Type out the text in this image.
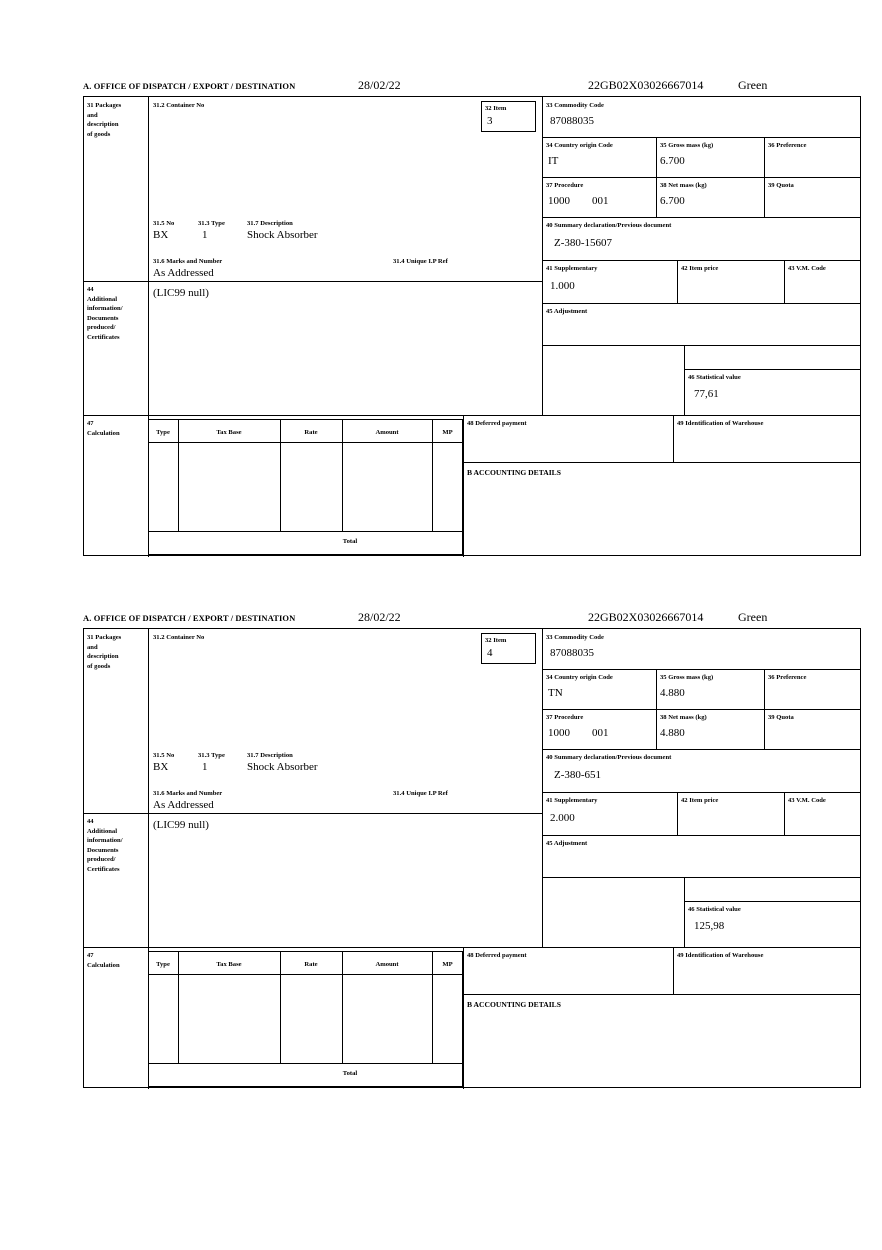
A. OFFICE OF DISPATCH / EXPORT / DESTINATION	28/02/22	22GB02X03026667014	Green
31 Packages
and
description
of goods
31.2 Container No	32 Item
3
31.5 No
BX
31.3 Type
1
31.7 Description
Shock Absorber
31.6 Marks and Number
As Addressed
31.4 Unique I.P Ref
33 Commodity Code
87088035
34 Country origin Code
IT
35 Gross mass (kg)
6.700
36 Preference
37 Procedure
1000        001
38 Net mass (kg)
6.700
39 Quota
40 Summary declaration/Previous document
Z-380-15607
41 Supplementary
1.000
42 Item price	43 V.M. Code
45 Adjustment
46 Statistical value
77,61
44
Additional
information/
Documents
produced/
Certificates
(LIC99 null)
47
Calculation	Type	Tax Base	Rate	Amount	MP
Total
48 Deferred payment	49 Identification of Warehouse
B ACCOUNTING DETAILS
A. OFFICE OF DISPATCH / EXPORT / DESTINATION	28/02/22	22GB02X03026667014	Green
31 Packages
and
description
of goods
31.2 Container No	32 Item
4
31.5 No
BX
31.3 Type
1
31.7 Description
Shock Absorber
31.6 Marks and Number
As Addressed
31.4 Unique I.P Ref
33 Commodity Code
87088035
34 Country origin Code
TN
35 Gross mass (kg)
4.880
36 Preference
37 Procedure
1000        001
38 Net mass (kg)
4.880
39 Quota
40 Summary declaration/Previous document
Z-380-651
41 Supplementary
2.000
42 Item price	43 V.M. Code
45 Adjustment
46 Statistical value
125,98
44
Additional
information/
Documents
produced/
Certificates
(LIC99 null)
47
Calculation	Type	Tax Base	Rate	Amount	MP
Total
48 Deferred payment	49 Identification of Warehouse
B ACCOUNTING DETAILS
